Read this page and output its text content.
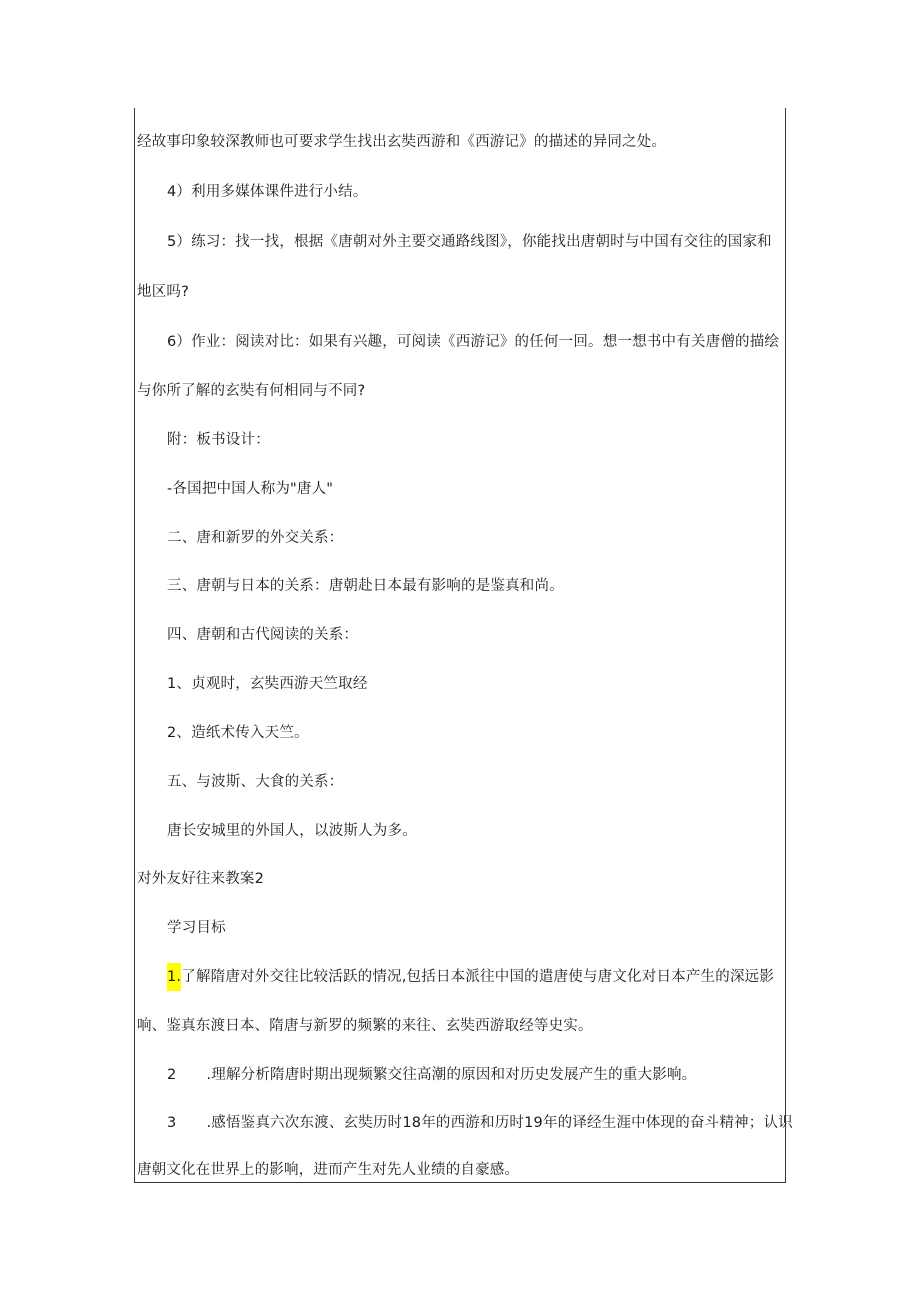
经故事印象较深教师也可要求学生找出玄奘西游和《西游记》的描述的异同之处。
4）利用多媒体课件进行小结。
5）练习：找一找，根据《唐朝对外主要交通路线图》，你能找出唐朝时与中国有交往的国家和
地区吗?
6）作业：阅读对比：如果有兴趣，可阅读《西游记》的任何一回。想一想书中有关唐僧的描绘
与你所了解的玄奘有何相同与不同?
附：板书设计：
-各国把中国人称为"唐人"
二、唐和新罗的外交关系：
三、唐朝与日本的关系：唐朝赴日本最有影响的是鉴真和尚。
四、唐朝和古代阅读的关系：
1、贞观时，玄奘西游天竺取经
2、造纸术传入天竺。
五、与波斯、大食的关系：
唐长安城里的外国人，以波斯人为多。
对外友好往来教案2
学习目标
1.了解隋唐对外交往比较活跃的情况,包括日本派往中国的遣唐使与唐文化对日本产生的深远影
响、鉴真东渡日本、隋唐与新罗的频繁的来往、玄奘西游取经等史实。
2 .理解分析隋唐时期出现频繁交往高潮的原因和对历史发展产生的重大影响。
3 .感悟鉴真六次东渡、玄奘历时18年的西游和历时19年的译经生涯中体现的奋斗精神；认识
唐朝文化在世界上的影响，进而产生对先人业绩的自豪感。
